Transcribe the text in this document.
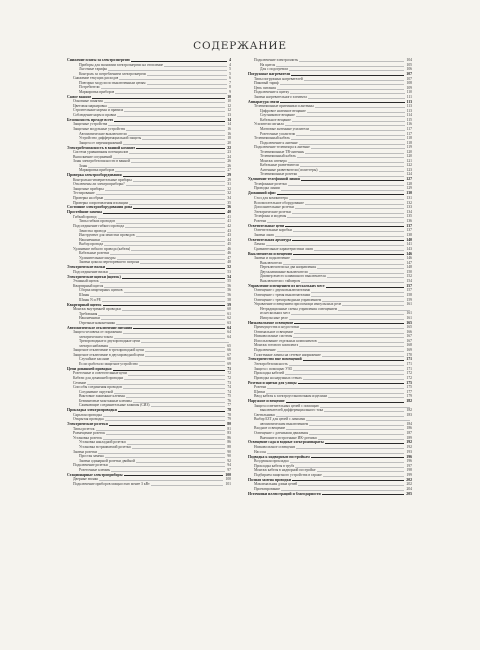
СОДЕРЖАНИЕ
Снижение платы за электроэнергию	4
Приборы для экономии электроэнергии на отопление	4
Льготные тарифы	5
Контроль за потреблением электроэнергии	5
Снижение текущих расходов	6
Повторно модули по выключенным цепям	7
Потребители	8
Маркировка приборов	9
Самое важное	10
Основные понятия	10
Цветовая маркировка	12
Строительные нормы и правила	12
Соблюдение норм и правил	13
Безопасность прежде всего	14
Защитные устройства	14
Защитные модульные устройства	16
Автоматические выключатели	16
Устройство дифференциальной защиты	18
Защита от перенапряжений	20
Электробезопасность в ванной комнате	22
Система уравнивания потенциалов	23
Выполнение соединений	24
Зоны электробезопасности в ванной	26
Зоны	26
Маркировка приборов	27
Проверка электрооборудования	29
Контрольно-измерительные приборы	29
Отключены ли электроприборы?	31
Защитные приборы	32
Тестирование	32
Проверка на обрыв	34
Проверка сопротивления изоляции	35
Состояние электрооборудования дома	36
Простейшие замены	40
Гибкий провод	41
Типы гибких проводов	41
Подсоединение гибкого провода	42
Зачистка провода	43
Инструмент для зачистки проводов	43
Наконечники	44
Выбор провода	45
Удлинение гибкого провода (кабеля)	46
Кабельные розетки	46
Удлинительные шнуры	47
Замена цоколя перегоревшего патрона	48
Электрические вилки	52
Подсоединение вилки	53
Электрические щитки (щиток)	54
Этажный щиток	55
Квартирный щиток	56
Сборка квартирных щитков	56
Шины	56
Шины N и PE	58
Квартирный щиток	59
Монтаж внутренней проводки	60
Требования	61
Наконечники	62
Отрезные наконечники	63
Автоматическое отключение питания	64
Защита человека от поражения	64
электрическим током	64
Трехпроводные и двухпроводные цепи
электроснабжения	65
Защитное отключение в трехпроводной цепи	66
Защитное отключение в двухпроводной цепи	67
Случайное касание	68
Если сработало защитное устройство	69
Цепи домашней проводки	71
Розеточные и осветительные цепи	72
Кабели для домашней проводки	72
Сечение	73
Способы соединения проводов	74
Соединение скруткой	74
Винтовые зажимные клеммы	75
Безвинтовые монтажные клеммы	76
Сжимающие соединительные зажимы (СИЗ)	77
Прокладка электропроводки	78
Скрытая проводка	78
Открытая проводка	79
Электрические розетки	80
Типы розеток	81
Размещение розеток	83
Установка розеток	86
Установка накладной розетки	86
Установка встраиваемой розетки	88
Замена розетки	90
Простая замена	90
Замена одинарной розетки двойной	92
Подключение розетки	94
Розеточные клеммы	97
Стационарные электроприборы	100
Дверные звонки	100
Подключение приборов мощностью менее 3 кВт	101
Подключение электроплиты	104
На щиток	105
Для с подогревом	106
Погружные нагреватели	107
Типы погружных нагревателей	107
Пиковый тариф	108
Цепь питания	109
Подключение к щитку	110
Замена нагревательного элемента	111
Аппаратура связи	113
Телевизионные приемники и антенны	113
Цифровое наземное вещание	113
Спутниковое вещание	114
Кабельное вещание	115
Усилители сигнала	116
Мачтовые антенные усилители	117
Розеточные усилители	117
Телевизионный кабель	118
Подключение к антенне	118
Подключение телевизора к антенне	119
Телевизионные ТВ-антенны	120
Телевизионный кабель	120
Монтаж штекера	121
Кабельные разветвители	122
Антенные разветвители (сплиттеры)	123
Телевизионные розетки	124
Удлинение телефонной линии	127
Телефонные розетки	128
Проводка линии	129
Домашний офис	130
Стол для компьютера	131
Вспомогательное оборудование	132
Дополнительные розетки	133
Электрические розетки	134
Телефоны и модемы	135
Розетки	136
Осветительные цепи	137
Осветительные коробки	137
Замена ламп	138
Осветительная арматура	140
Лампы	141
Сравнительные характеристики ламп	143
Выключатели освещения	146
Замена и подключение	146
Выключатели	147
Переключатели на два направления	148
Двухклавишные выключатели	150
Диммер вместо клавишного выключателя	152
Выключатели с таймером	154
Управление освещением из нескольких мест	157
Освещение с двумя выключателями	157
Освещение с тремя выключателями	158
Освещение с трехпроводным управлением	159
Управление освещением при помощи импульсных реле	161
Нетрадиционные схемы управления освещением
из нескольких мест	161
Импульсные реле	161
Низковольтное освещение	165
Преимущества и недостатки	165
Оптимальное освещение	166
Низковольтные системы	167
Использование отдельных компонентов	167
Монтаж готового комплекта	168
Подключение	169
Галогенные лампы на сетевое напряжение	170
Электричество вне помещений	171
Электробезопасность	171
Защита с помощью УЗО	171
Прокладка кабелей	172
Проводка на наружных стенах	172
Розетки и щитки для улицы	175
Розетки	175
Щитки	177
Ввод кабеля к электроустановочным изделиям	179
Наружное освещение	182
Защита осветительных цепей с помощью
выключателей дифференциального тока	182
Светильники	183
Выбор БЗТ для цепей с лампами
автоматическим выключением	184
Входное освещение	186
Освещение с датчиками движения	187
Внешние и встроенные ИК-датчики	189
Освещение сада и водные электроаппараты	192
Низковольтное освещение	192
Насосы	193
Подводка к надворным постройкам	196
Воздушная прокладка	196
Прокладка кабеля в трубе	197
Монтаж кабеля в надворной постройке	198
Подбираем защитного устройства в гараже	199
Полная замена проводки	202
Максимальная длина цепей	202
Проектирование	204
Источники иллюстраций и благодарности	205
